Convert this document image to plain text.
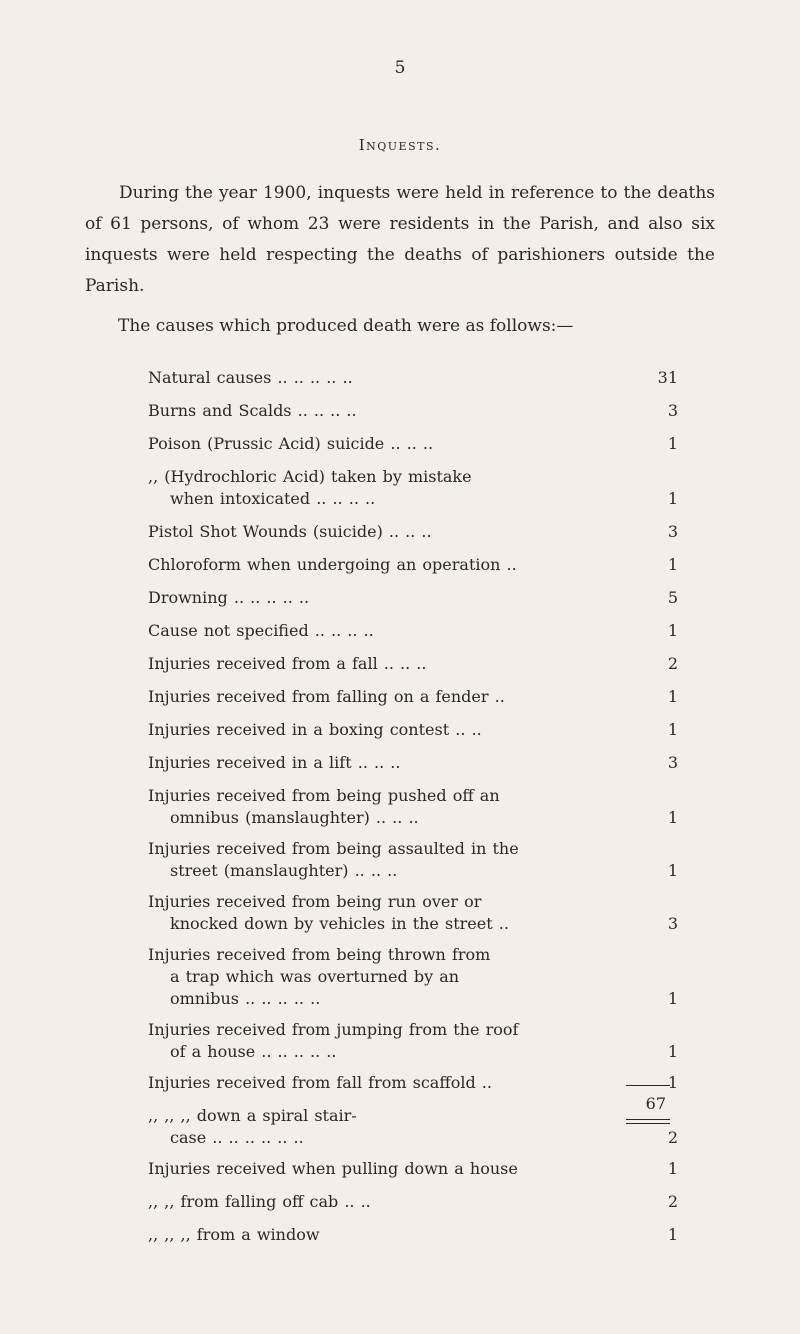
5
Inquests.

During the year 1900, inquests were held in reference to the deaths of 61 persons, of whom 23 were residents in the Parish, and also six inquests were held respecting the deaths of parishioners outside the Parish.

The causes which produced death were as follows:—

Natural causes .. .. .. .. ..	31
Burns and Scalds .. .. .. ..	3
Poison (Prussic Acid) suicide .. .. ..	1
,, (Hydrochloric Acid) taken by mistake
when intoxicated .. .. .. ..	1
Pistol Shot Wounds (suicide) .. .. ..	3
Chloroform when undergoing an operation ..	1
Drowning .. .. .. .. ..	5
Cause not specified .. .. .. ..	1
Injuries received from a fall .. .. ..	2
Injuries received from falling on a fender ..	1
Injuries received in a boxing contest .. ..	1
Injuries received in a lift .. .. ..	3
Injuries received from being pushed off an
omnibus (manslaughter) .. .. ..	1
Injuries received from being assaulted in the
street (manslaughter) .. .. ..	1
Injuries received from being run over or
knocked down by vehicles in the street ..	3
Injuries received from being thrown from
a trap which was overturned by an
omnibus .. .. .. .. ..	1
Injuries received from jumping from the roof
of a house .. .. .. .. ..	1
Injuries received from fall from scaffold ..	1
,, ,, ,, down a spiral stair-
case .. .. .. .. .. ..	2
Injuries received when pulling down a house	1
,, ,, from falling off cab .. ..	2
,, ,, ,, from a window	1
67
